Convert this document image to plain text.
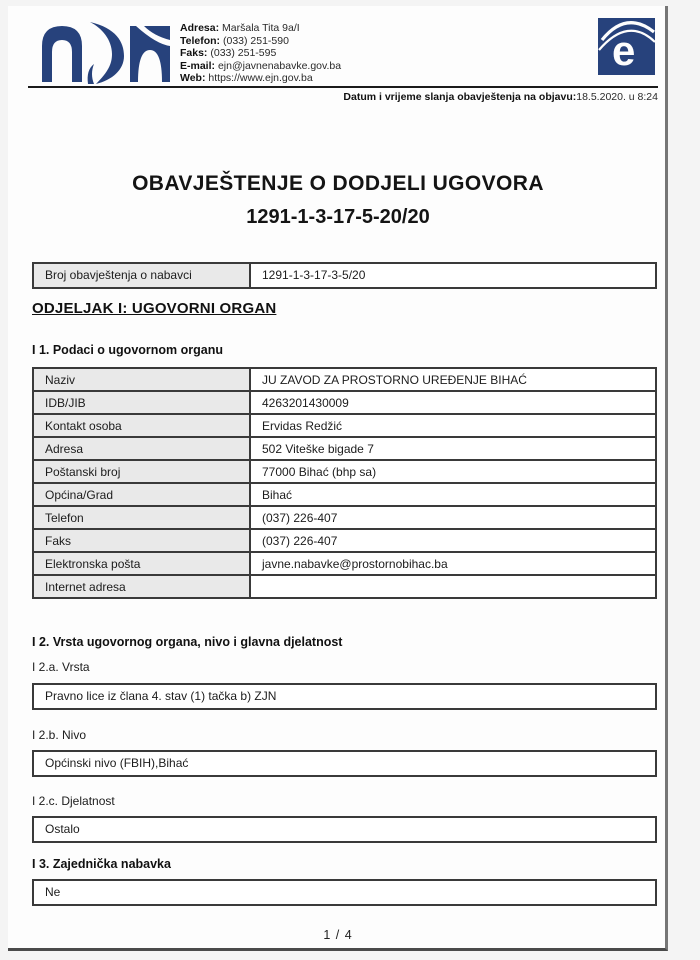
Adresa: Maršala Tita 9a/I
Telefon: (033) 251-590
Faks: (033) 251-595
E-mail: ejn@javnenabavke.gov.ba
Web: https://www.ejn.gov.ba
e
Datum i vrijeme slanja obavještenja na objavu:18.5.2020. u 8:24
OBAVJEŠTENJE O DODJELI UGOVORA
1291-1-3-17-5-20/20
Broj obavještenja o nabavci	1291-1-3-17-3-5/20
ODJELJAK I: UGOVORNI ORGAN
I 1. Podaci o ugovornom organu
Naziv	JU ZAVOD ZA PROSTORNO UREĐENJE BIHAĆ
IDB/JIB	4263201430009
Kontakt osoba	Ervidas Redžić
Adresa	502 Viteške bigade 7
Poštanski broj	77000 Bihać (bhp sa)
Općina/Grad	Bihać
Telefon	(037) 226-407
Faks	(037) 226-407
Elektronska pošta	javne.nabavke@prostornobihac.ba
Internet adresa	
I 2. Vrsta ugovornog organa, nivo i glavna djelatnost
I 2.a. Vrsta
Pravno lice iz člana 4. stav (1) tačka b) ZJN
I 2.b. Nivo
Općinski nivo (FBIH),Bihać
I 2.c. Djelatnost
Ostalo
I 3. Zajednička nabavka
Ne
1 / 4
